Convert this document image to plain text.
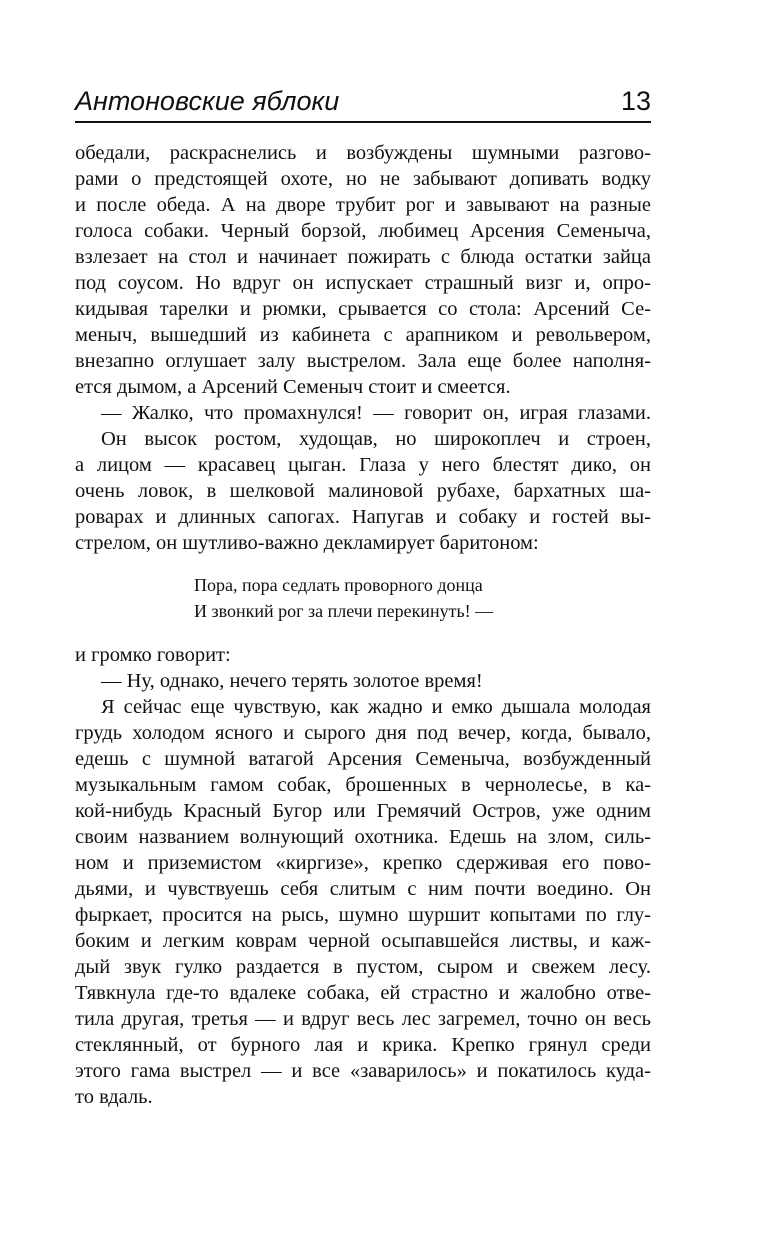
Антоновские яблоки	13
обедали, раскраснелись и возбуждены шумными разгово-
рами о предстоящей охоте, но не забывают допивать водку
и после обеда. А на дворе трубит рог и завывают на разные
голоса собаки. Черный борзой, любимец Арсения Семеныча,
взлезает на стол и начинает пожирать с блюда остатки зайца
под соусом. Но вдруг он испускает страшный визг и, опро-
кидывая тарелки и рюмки, срывается со стола: Арсений Се-
меныч, вышедший из кабинета с арапником и револьвером,
внезапно оглушает залу выстрелом. Зала еще более наполня-
ется дымом, а Арсений Семеныч стоит и смеется.
— Жалко, что промахнулся! — говорит он, играя глазами.
Он высок ростом, худощав, но широкоплеч и строен,
а лицом — красавец цыган. Глаза у него блестят дико, он
очень ловок, в шелковой малиновой рубахе, бархатных ша-
роварах и длинных сапогах. Напугав и собаку и гостей вы-
стрелом, он шутливо-важно декламирует баритоном:
Пора, пора седлать проворного донца
И звонкий рог за плечи перекинуть! —
и громко говорит:
— Ну, однако, нечего терять золотое время!
Я сейчас еще чувствую, как жадно и емко дышала молодая
грудь холодом ясного и сырого дня под вечер, когда, бывало,
едешь с шумной ватагой Арсения Семеныча, возбужденный
музыкальным гамом собак, брошенных в чернолесье, в ка-
кой-нибудь Красный Бугор или Гремячий Остров, уже одним
своим названием волнующий охотника. Едешь на злом, силь-
ном и приземистом «киргизе», крепко сдерживая его пово-
дьями, и чувствуешь себя слитым с ним почти воедино. Он
фыркает, просится на рысь, шумно шуршит копытами по глу-
боким и легким коврам черной осыпавшейся листвы, и каж-
дый звук гулко раздается в пустом, сыром и свежем лесу.
Тявкнула где-то вдалеке собака, ей страстно и жалобно отве-
тила другая, третья — и вдруг весь лес загремел, точно он весь
стеклянный, от бурного лая и крика. Крепко грянул среди
этого гама выстрел — и все «заварилось» и покатилось куда-
то вдаль.
